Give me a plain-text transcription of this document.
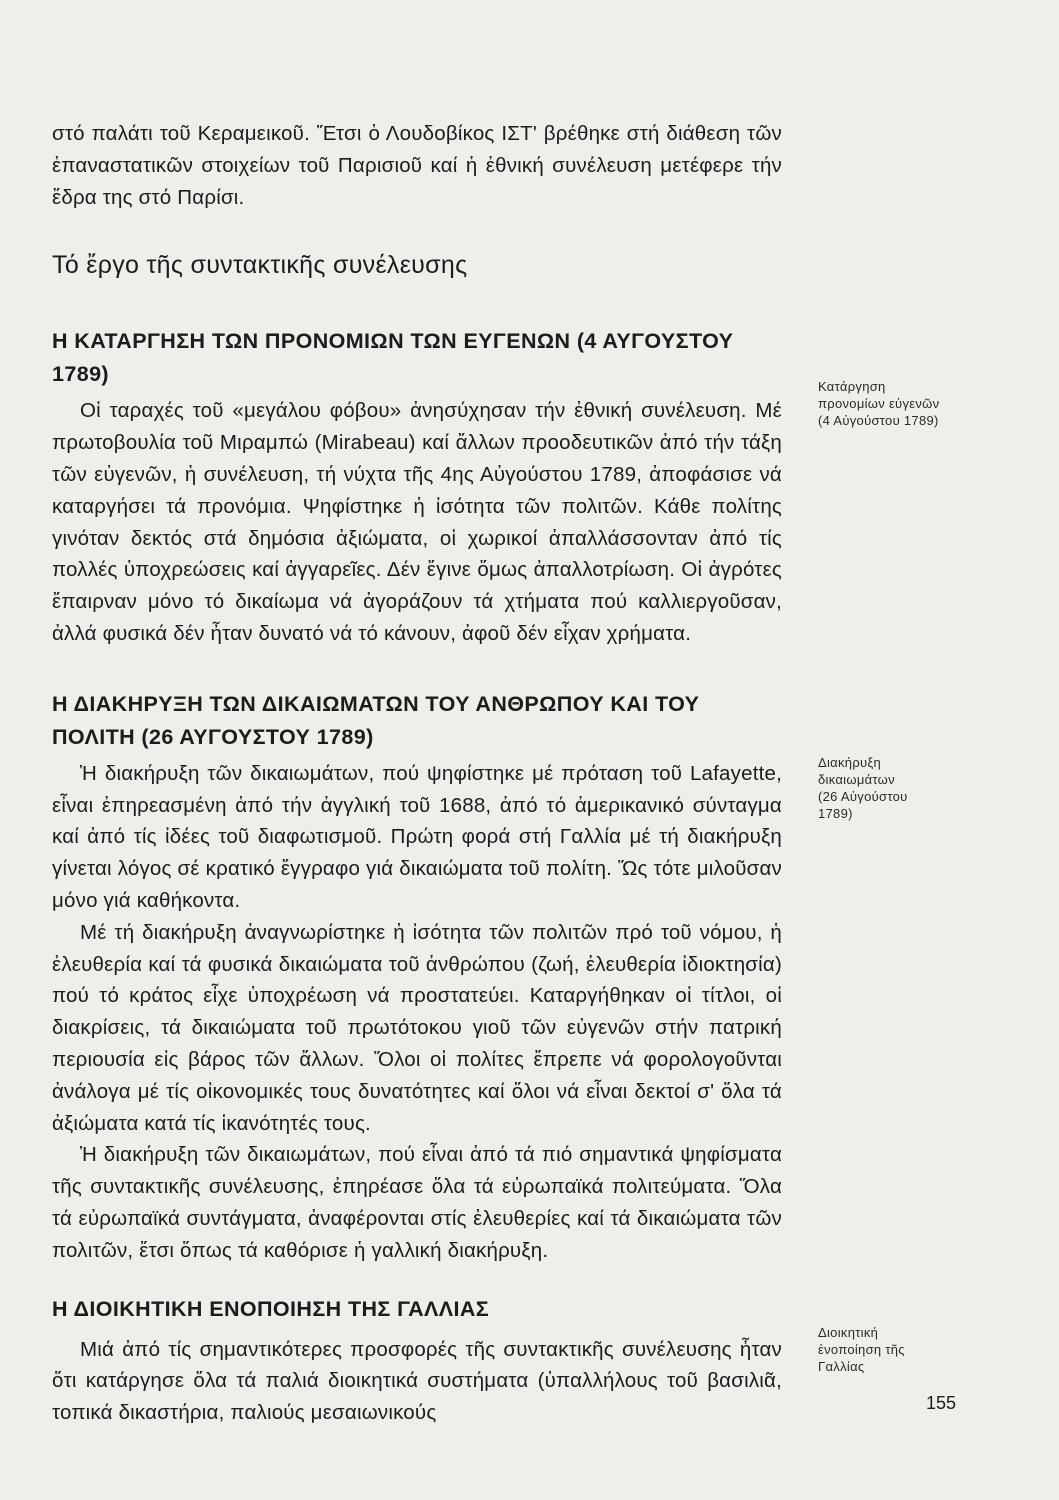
στό παλάτι τοῦ Κεραμεικοῦ. Ἔτσι ὁ Λουδοβίκος ΙΣΤ' βρέθηκε στή διάθεση τῶν ἐπαναστατικῶν στοιχείων τοῦ Παρισιοῦ καί ἡ ἐθνική συνέλευση μετέφερε τήν ἕδρα της στό Παρίσι.

Τό ἔργο τῆς συντακτικῆς συνέλευσης
Η ΚΑΤΑΡΓΗΣΗ ΤΩΝ ΠΡΟΝΟΜΙΩΝ ΤΩΝ ΕΥΓΕΝΩΝ (4 ΑΥΓΟΥΣΤΟΥ 1789)

Οἱ ταραχές τοῦ «μεγάλου φόβου» ἀνησύχησαν τήν ἐθνική συνέλευση. Μέ πρωτοβουλία τοῦ Μιραμπώ (Mirabeau) καί ἄλλων προοδευτικῶν ἀπό τήν τάξη τῶν εὐγενῶν, ἡ συνέλευση, τή νύχτα τῆς 4ης Αὐγούστου 1789, ἀποφάσισε νά καταργήσει τά προνόμια. Ψηφίστηκε ἡ ἰσότητα τῶν πολιτῶν. Κάθε πολίτης γινόταν δεκτός στά δημόσια ἀξιώματα, οἱ χωρικοί ἀπαλλάσσονταν ἀπό τίς πολλές ὑποχρεώσεις καί ἀγγαρεῖες. Δέν ἔγινε ὅμως ἀπαλλοτρίωση. Οἱ ἀγρότες ἔπαιρναν μόνο τό δικαίωμα νά ἀγοράζουν τά χτήματα πού καλλιεργοῦσαν, ἀλλά φυσικά δέν ἦταν δυνατό νά τό κάνουν, ἀφοῦ δέν εἶχαν χρήματα.

Η ΔΙΑΚΗΡΥΞΗ ΤΩΝ ΔΙΚΑΙΩΜΑΤΩΝ ΤΟΥ ΑΝΘΡΩΠΟΥ ΚΑΙ ΤΟΥ ΠΟΛΙΤΗ (26 ΑΥΓΟΥΣΤΟΥ 1789)

Ἡ διακήρυξη τῶν δικαιωμάτων, πού ψηφίστηκε μέ πρόταση τοῦ Lafayette, εἶναι ἐπηρεασμένη ἀπό τήν ἀγγλική τοῦ 1688, ἀπό τό ἀμερικανικό σύνταγμα καί ἀπό τίς ἰδέες τοῦ διαφωτισμοῦ. Πρώτη φορά στή Γαλλία μέ τή διακήρυξη γίνεται λόγος σέ κρατικό ἔγγραφο γιά δικαιώματα τοῦ πολίτη. Ὥς τότε μιλοῦσαν μόνο γιά καθήκοντα.

Μέ τή διακήρυξη ἀναγνωρίστηκε ἡ ἰσότητα τῶν πολιτῶν πρό τοῦ νόμου, ἡ ἐλευθερία καί τά φυσικά δικαιώματα τοῦ ἀνθρώπου (ζωή, ἐλευθερία ἰδιοκτησία) πού τό κράτος εἶχε ὑποχρέωση νά προστατεύει. Καταργήθηκαν οἱ τίτλοι, οἱ διακρίσεις, τά δικαιώματα τοῦ πρωτότοκου γιοῦ τῶν εὐγενῶν στήν πατρική περιουσία εἰς βάρος τῶν ἄλλων. Ὅλοι οἱ πολίτες ἔπρεπε νά φορολογοῦνται ἀνάλογα μέ τίς οἰκονομικές τους δυνατότητες καί ὅλοι νά εἶναι δεκτοί σ' ὅλα τά ἀξιώματα κατά τίς ἱκανότητές τους.

Ἡ διακήρυξη τῶν δικαιωμάτων, πού εἶναι ἀπό τά πιό σημαντικά ψηφίσματα τῆς συντακτικῆς συνέλευσης, ἐπηρέασε ὅλα τά εὐρωπαϊκά πολιτεύματα. Ὅλα τά εὐρωπαϊκά συντάγματα, ἀναφέρονται στίς ἐλευθερίες καί τά δικαιώματα τῶν πολιτῶν, ἔτσι ὅπως τά καθόρισε ἡ γαλλική διακήρυξη.

Η ΔΙΟΙΚΗΤΙΚΗ ΕΝΟΠΟΙΗΣΗ ΤΗΣ ΓΑΛΛΙΑΣ

Μιά ἀπό τίς σημαντικότερες προσφορές τῆς συντακτικῆς συνέλευσης ἦταν ὅτι κατάργησε ὅλα τά παλιά διοικητικά συστήματα (ὑπαλλήλους τοῦ βασιλιᾶ, τοπικά δικαστήρια, παλιούς μεσαιωνικούς

Κατάργηση
προνομίων εὐγενῶν
(4 Αὐγούστου 1789)
Διακήρυξη
δικαιωμάτων
(26 Αὐγούστου
1789)
Διοικητική
ἑνοποίηση τῆς
Γαλλίας
155
